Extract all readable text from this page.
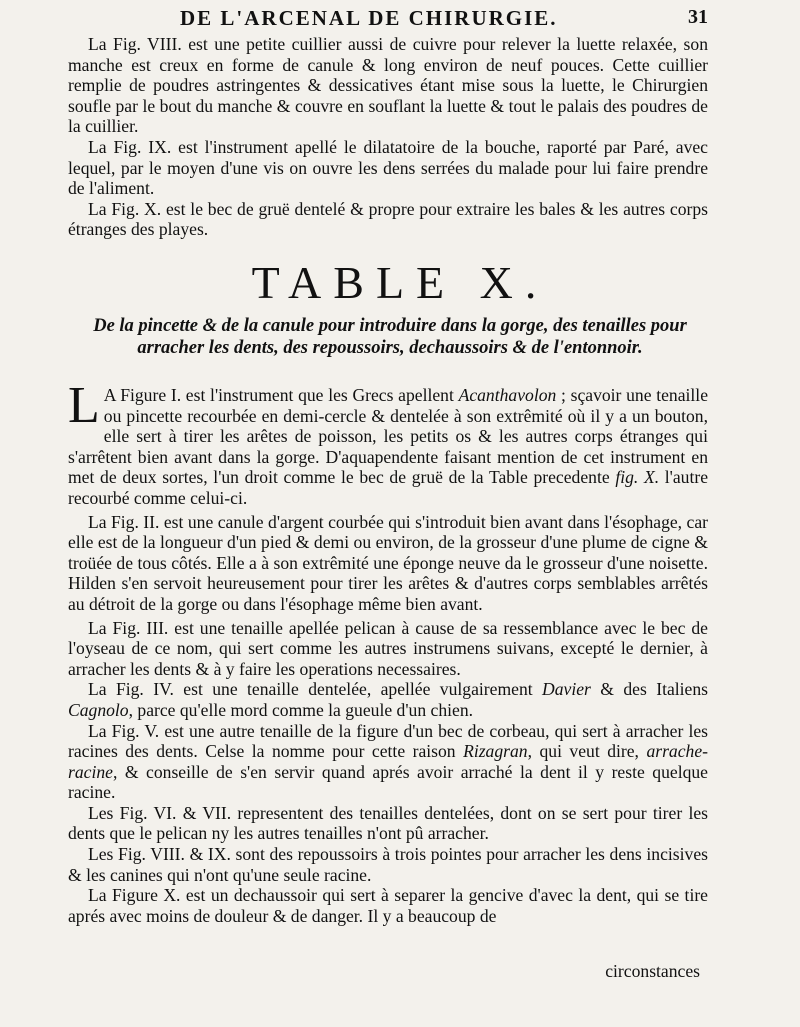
DE L'ARCENAL DE CHIRURGIE.	31

La Fig. VIII. est une petite cuillier aussi de cuivre pour relever la luette relaxée, son manche est creux en forme de canule & long environ de neuf pouces. Cette cuillier remplie de poudres astringentes & dessicatives étant mise sous la luette, le Chirurgien soufle par le bout du manche & couvre en souflant la luette & tout le palais des poudres de la cuillier.

La Fig. IX. est l'instrument apellé le dilatatoire de la bouche, raporté par Paré, avec lequel, par le moyen d'une vis on ouvre les dens serrées du malade pour lui faire prendre de l'aliment.

La Fig. X. est le bec de gruë dentelé & propre pour extraire les bales & les autres corps étranges des playes.

TABLE X.
De la pincette & de la canule pour introduire dans la gorge, des tenailles pour arracher les dents, des repoussoirs, dechaussoirs & de l'entonnoir.

L A Figure I. est l'instrument que les Grecs apellent Acanthavolon ; sçavoir une tenaille ou pincette recourbée en demi-cercle & dentelée à son extrêmité où il y a un bouton, elle sert à tirer les arêtes de poisson, les petits os & les autres corps étranges qui s'arrêtent bien avant dans la gorge. D'aquapendente faisant mention de cet instrument en met de deux sortes, l'un droit comme le bec de gruë de la Table precedente fig. X. l'autre recourbé comme celui-ci.

La Fig. II. est une canule d'argent courbée qui s'introduit bien avant dans l'ésophage, car elle est de la longueur d'un pied & demi ou environ, de la grosseur d'une plume de cigne & troüée de tous côtés. Elle a à son extrêmité une éponge neuve da le grosseur d'une noisette. Hilden s'en servoit heureusement pour tirer les arêtes & d'autres corps semblables arrêtés au détroit de la gorge ou dans l'ésophage même bien avant.

La Fig. III. est une tenaille apellée pelican à cause de sa ressemblance avec le bec de l'oyseau de ce nom, qui sert comme les autres instrumens suivans, excepté le dernier, à arracher les dents & à y faire les operations necessaires.

La Fig. IV. est une tenaille dentelée, apellée vulgairement Davier & des Italiens Cagnolo, parce qu'elle mord comme la gueule d'un chien.

La Fig. V. est une autre tenaille de la figure d'un bec de corbeau, qui sert à arracher les racines des dents. Celse la nomme pour cette raison Rizagran, qui veut dire, arrache-racine, & conseille de s'en servir quand aprés avoir arraché la dent il y reste quelque racine.

Les Fig. VI. & VII. representent des tenailles dentelées, dont on se sert pour tirer les dents que le pelican ny les autres tenailles n'ont pû arracher.

Les Fig. VIII. & IX. sont des repoussoirs à trois pointes pour arracher les dens incisives & les canines qui n'ont qu'une seule racine.

La Figure X. est un dechaussoir qui sert à separer la gencive d'avec la dent, qui se tire aprés avec moins de douleur & de danger. Il y a beaucoup de

circonstances
